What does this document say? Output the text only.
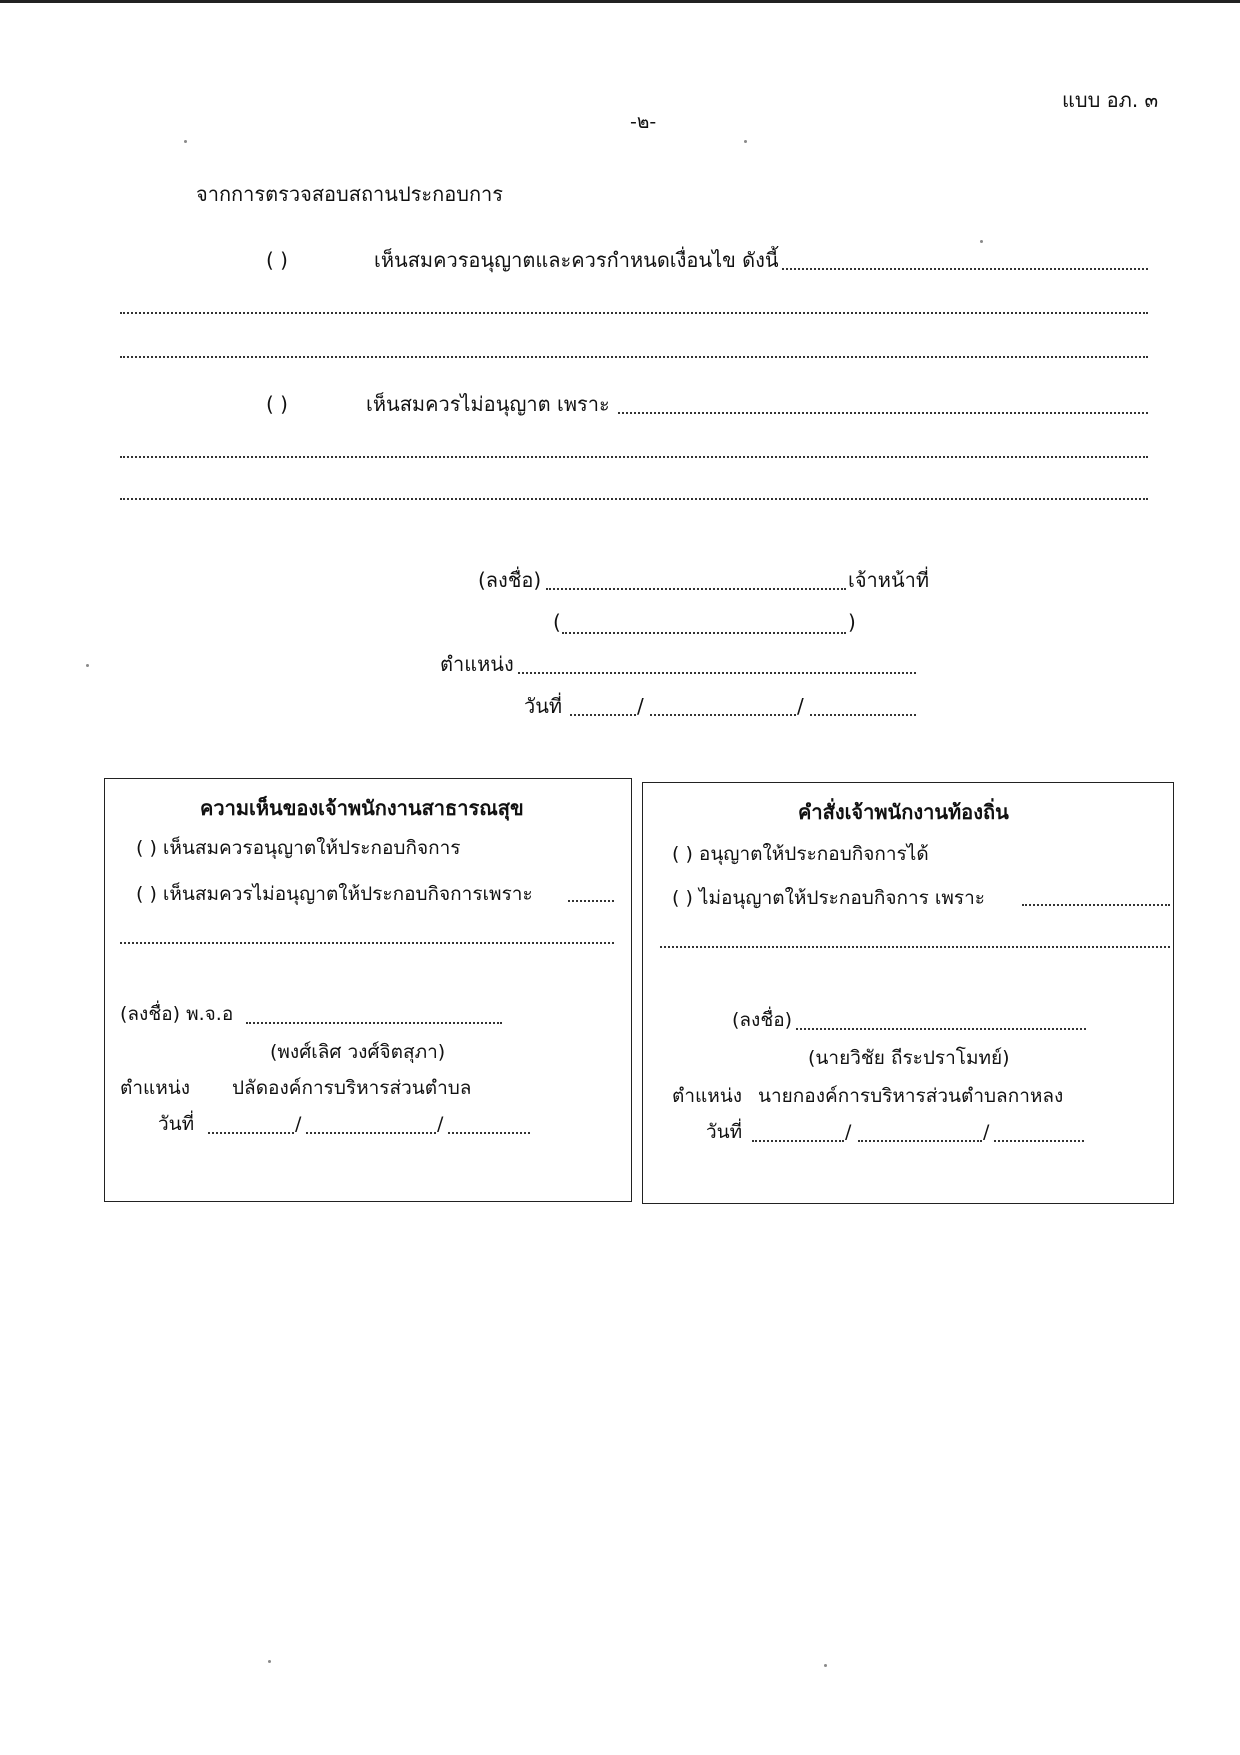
แบบ อภ. ๓
-๒-
จากการตรวจสอบสถานประกอบการ
( )	เห็นสมควรอนุญาตและควรกำหนดเงื่อนไข ดังนี้
( )	เห็นสมควรไม่อนุญาต เพราะ
(ลงชื่อ)	เจ้าหน้าที่
(	)
ตำแหน่ง
วันที่	/	/
ความเห็นของเจ้าพนักงานสาธารณสุข
( ) เห็นสมควรอนุญาตให้ประกอบกิจการ
( ) เห็นสมควรไม่อนุญาตให้ประกอบกิจการเพราะ
(ลงชื่อ) พ.จ.อ
(พงศ์เลิศ วงศ์จิตสุภา)
ตำแหน่ง ปลัดองค์การบริหารส่วนตำบล
วันที่	/	/
คำสั่งเจ้าพนักงานท้องถิ่น
( ) อนุญาตให้ประกอบกิจการได้
( ) ไม่อนุญาตให้ประกอบกิจการ เพราะ
(ลงชื่อ)
(นายวิชัย ถีระปราโมทย์)
ตำแหน่ง นายกองค์การบริหารส่วนตำบลกาหลง
วันที่	/	/
